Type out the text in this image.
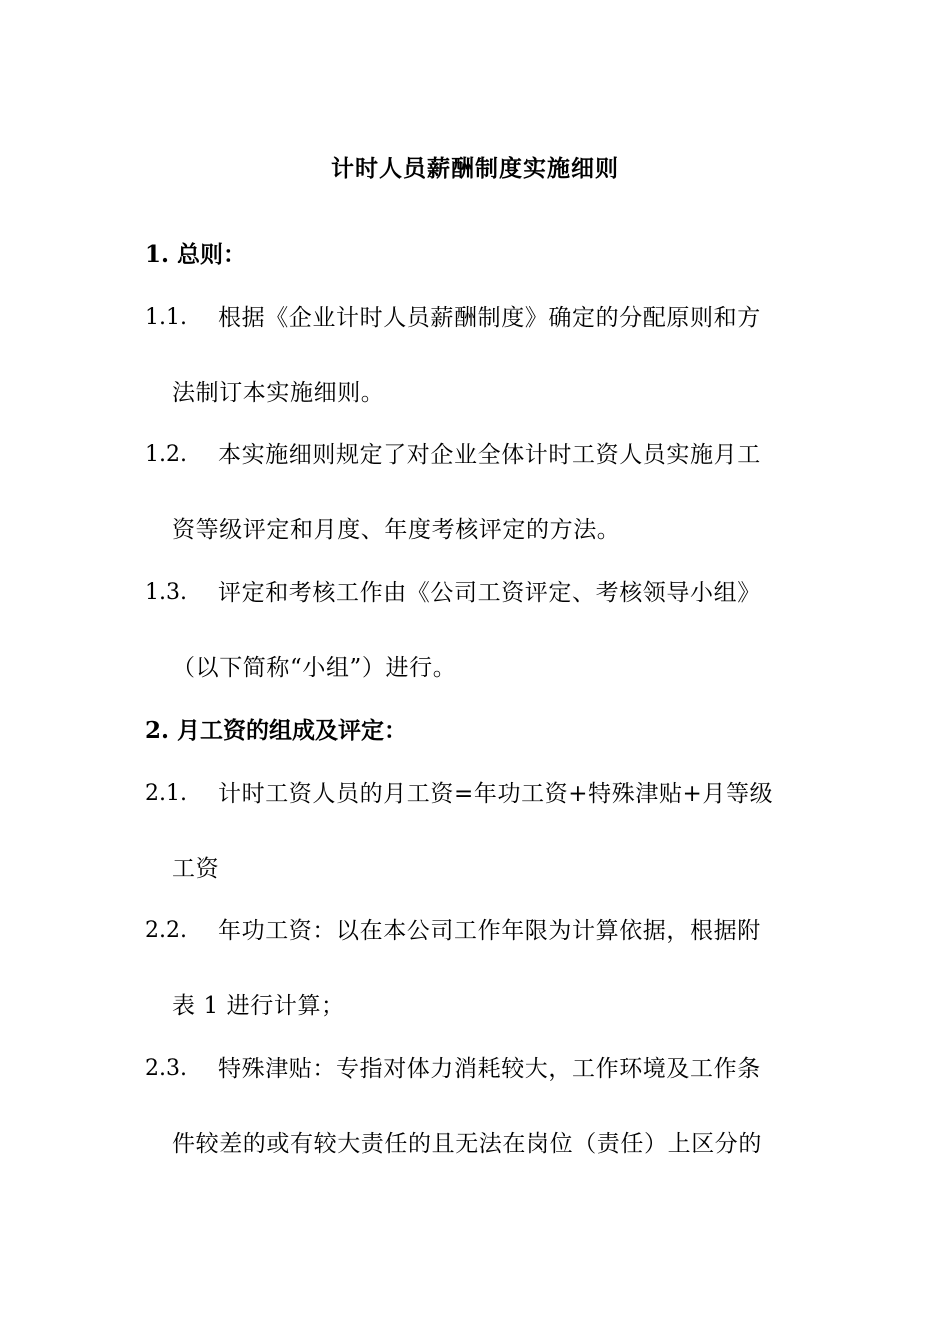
计时人员薪酬制度实施细则
1. 总则：
1.1. 根据《企业计时人员薪酬制度》确定的分配原则和方
法制订本实施细则。
1.2. 本实施细则规定了对企业全体计时工资人员实施月工
资等级评定和月度、年度考核评定的方法。
1.3. 评定和考核工作由《公司工资评定、考核领导小组》
（以下简称“小组”）进行。
2. 月工资的组成及评定：
2.1. 计时工资人员的月工资=年功工资+特殊津贴+月等级
工资
2.2. 年功工资：以在本公司工作年限为计算依据，根据附
表 1 进行计算；
2.3. 特殊津贴：专指对体力消耗较大，工作环境及工作条
件较差的或有较大责任的且无法在岗位（责任）上区分的
